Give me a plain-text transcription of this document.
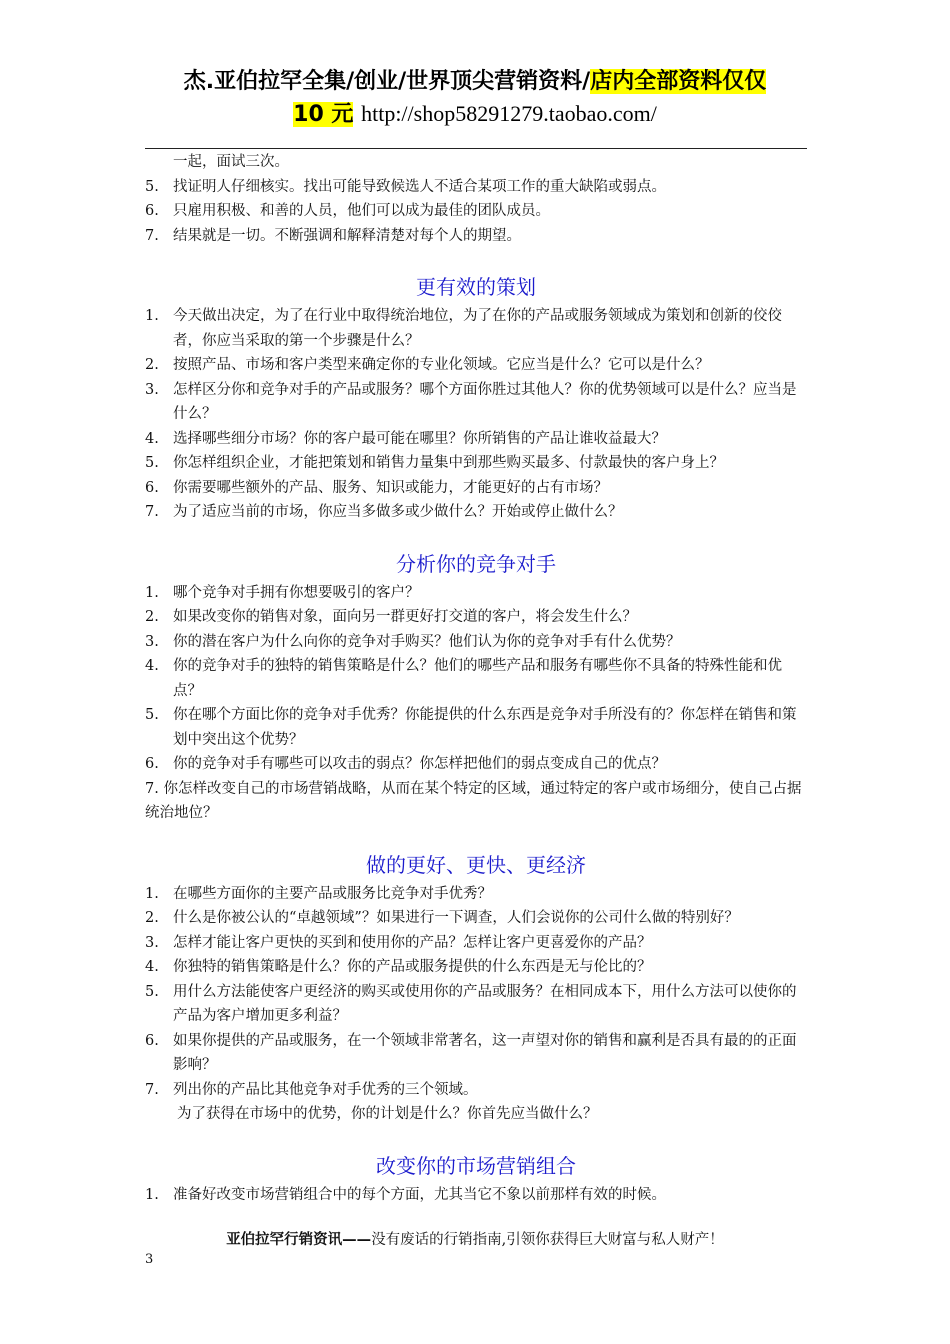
杰.亚伯拉罕全集/创业/世界顶尖营销资料/店内全部资料仅仅
10 元 http://shop58291279.taobao.com/
一起，面试三次。
5. 找证明人仔细核实。找出可能导致候选人不适合某项工作的重大缺陷或弱点。
6. 只雇用积极、和善的人员，他们可以成为最佳的团队成员。
7. 结果就是一切。不断强调和解释清楚对每个人的期望。
更有效的策划
1. 今天做出决定，为了在行业中取得统治地位，为了在你的产品或服务领域成为策划和创新的佼佼者，你应当采取的第一个步骤是什么？
2. 按照产品、市场和客户类型来确定你的专业化领域。它应当是什么？它可以是什么？
3. 怎样区分你和竞争对手的产品或服务？哪个方面你胜过其他人？你的优势领域可以是什么？应当是什么？
4. 选择哪些细分市场？你的客户最可能在哪里？你所销售的产品让谁收益最大？
5. 你怎样组织企业，才能把策划和销售力量集中到那些购买最多、付款最快的客户身上？
6. 你需要哪些额外的产品、服务、知识或能力，才能更好的占有市场？
7. 为了适应当前的市场，你应当多做多或少做什么？开始或停止做什么？
分析你的竞争对手
1. 哪个竞争对手拥有你想要吸引的客户？
2. 如果改变你的销售对象，面向另一群更好打交道的客户，将会发生什么？
3. 你的潜在客户为什么向你的竞争对手购买？他们认为你的竞争对手有什么优势？
4. 你的竞争对手的独特的销售策略是什么？他们的哪些产品和服务有哪些你不具备的特殊性能和优点？
5. 你在哪个方面比你的竞争对手优秀？你能提供的什么东西是竞争对手所没有的？你怎样在销售和策划中突出这个优势？
6. 你的竞争对手有哪些可以攻击的弱点？你怎样把他们的弱点变成自己的优点？
7. 你怎样改变自己的市场营销战略，从而在某个特定的区域，通过特定的客户或市场细分，使自己占据统治地位？
做的更好、更快、更经济
1. 在哪些方面你的主要产品或服务比竞争对手优秀？
2. 什么是你被公认的“卓越领域”？如果进行一下调查，人们会说你的公司什么做的特别好？
3. 怎样才能让客户更快的买到和使用你的产品？怎样让客户更喜爱你的产品？
4. 你独特的销售策略是什么？你的产品或服务提供的什么东西是无与伦比的？
5. 用什么方法能使客户更经济的购买或使用你的产品或服务？在相同成本下，用什么方法可以使你的产品为客户增加更多利益？
6. 如果你提供的产品或服务，在一个领域非常著名，这一声望对你的销售和赢利是否具有最的的正面影响？
7. 列出你的产品比其他竞争对手优秀的三个领域。
为了获得在市场中的优势，你的计划是什么？你首先应当做什么？
改变你的市场营销组合
1. 准备好改变市场营销组合中的每个方面，尤其当它不象以前那样有效的时候。
亚伯拉罕行销资讯——没有废话的行销指南,引领你获得巨大财富与私人财产！
3
